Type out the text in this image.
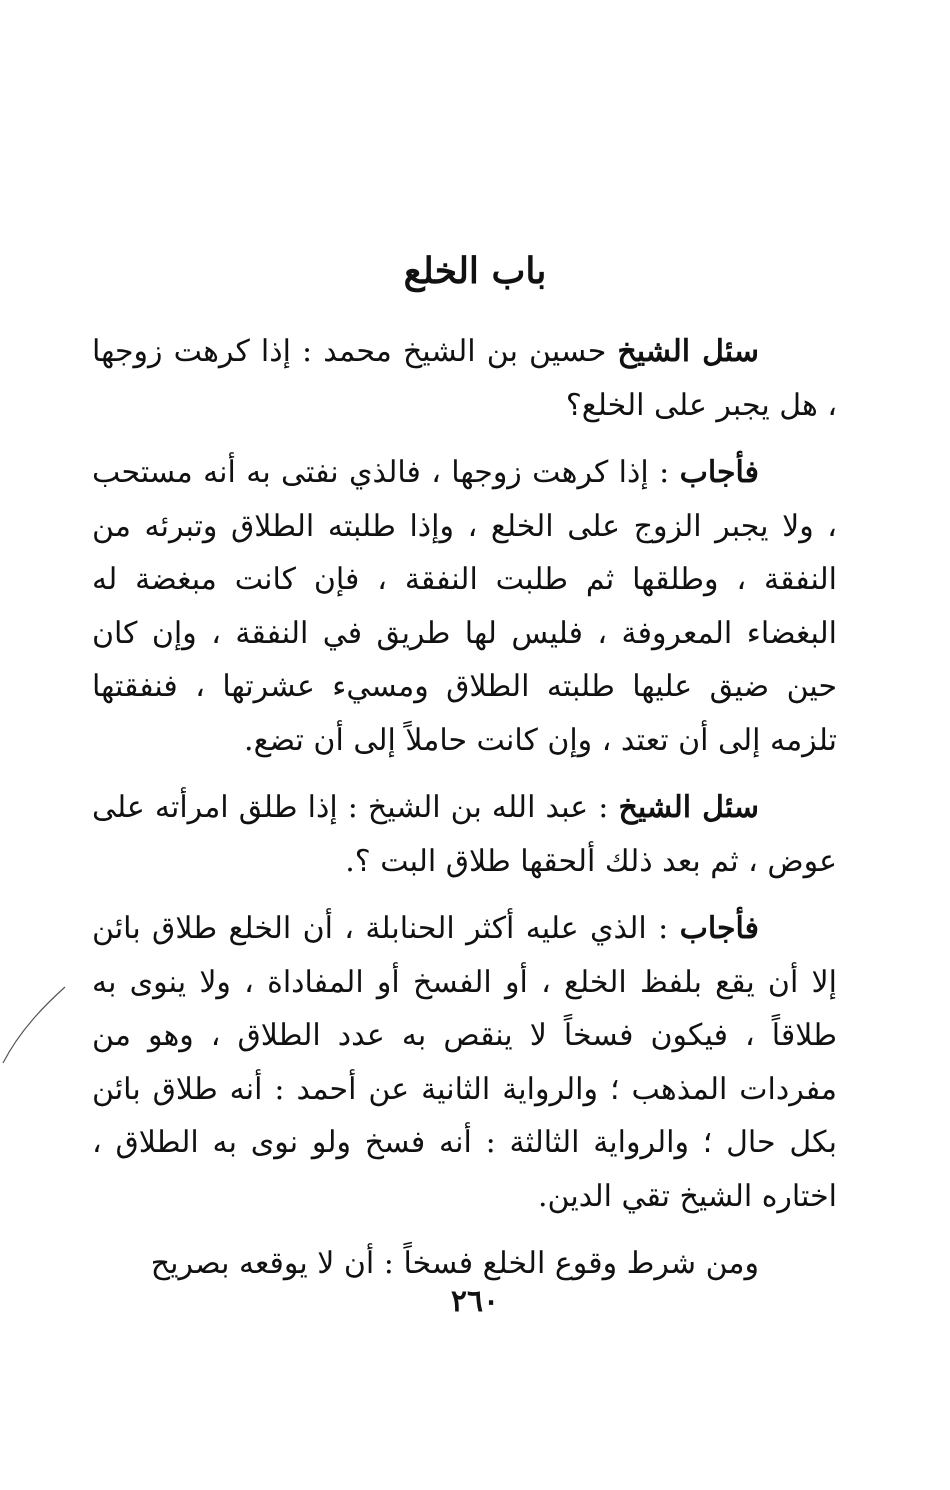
باب الخلع

سئل الشيخ حسين بن الشيخ محمد : إذا كرهت زوجها ، هل يجبر على الخلع؟

فأجاب : إذا كرهت زوجها ، فالذي نفتى به أنه مستحب ، ولا يجبر الزوج على الخلع ، وإذا طلبته الطلاق وتبرئه من النفقة ، وطلقها ثم طلبت النفقة ، فإن كانت مبغضة له البغضاء المعروفة ، فليس لها طريق في النفقة ، وإن كان حين ضيق عليها طلبته الطلاق ومسيء عشرتها ، فنفقتها تلزمه إلى أن تعتد ، وإن كانت حاملاً إلى أن تضع.

سئل الشيخ : عبد الله بن الشيخ : إذا طلق امرأته على عوض ، ثم بعد ذلك ألحقها طلاق البت ؟.

فأجاب : الذي عليه أكثر الحنابلة ، أن الخلع طلاق بائن إلا أن يقع بلفظ الخلع ، أو الفسخ أو المفاداة ، ولا ينوى به طلاقاً ، فيكون فسخاً لا ينقص به عدد الطلاق ، وهو من مفردات المذهب ؛ والرواية الثانية عن أحمد : أنه طلاق بائن بكل حال ؛ والرواية الثالثة : أنه فسخ ولو نوى به الطلاق ، اختاره الشيخ تقي الدين.

ومن شرط وقوع الخلع فسخاً : أن لا يوقعه بصريح

٢٦٠
